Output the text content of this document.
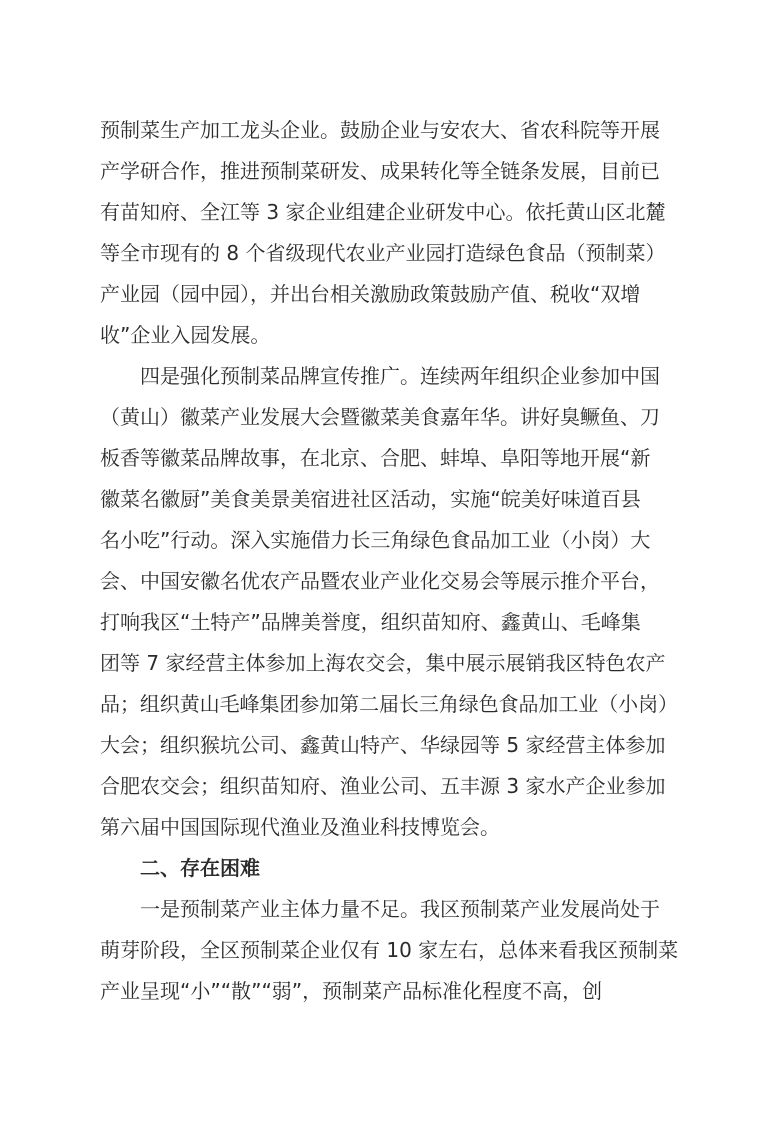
预制菜生产加工龙头企业。鼓励企业与安农大、省农科院等开展
产学研合作，推进预制菜研发、成果转化等全链条发展，目前已
有苗知府、全江等 3 家企业组建企业研发中心。依托黄山区北麓
等全市现有的 8 个省级现代农业产业园打造绿色食品（预制菜）
产业园（园中园），并出台相关激励政策鼓励产值、税收“双增
收”企业入园发展。
四是强化预制菜品牌宣传推广。连续两年组织企业参加中国
（黄山）徽菜产业发展大会暨徽菜美食嘉年华。讲好臭鳜鱼、刀
板香等徽菜品牌故事，在北京、合肥、蚌埠、阜阳等地开展“新
徽菜名徽厨”美食美景美宿进社区活动，实施“皖美好味道百县
名小吃”行动。深入实施借力长三角绿色食品加工业（小岗）大
会、中国安徽名优农产品暨农业产业化交易会等展示推介平台，
打响我区“土特产”品牌美誉度，组织苗知府、鑫黄山、毛峰集
团等 7 家经营主体参加上海农交会，集中展示展销我区特色农产
品；组织黄山毛峰集团参加第二届长三角绿色食品加工业（小岗）
大会；组织猴坑公司、鑫黄山特产、华绿园等 5 家经营主体参加
合肥农交会；组织苗知府、渔业公司、五丰源 3 家水产企业参加
第六届中国国际现代渔业及渔业科技博览会。
二、存在困难
一是预制菜产业主体力量不足。我区预制菜产业发展尚处于
萌芽阶段，全区预制菜企业仅有 10 家左右，总体来看我区预制菜
产业呈现“小”“散”“弱”，预制菜产品标准化程度不高，创
